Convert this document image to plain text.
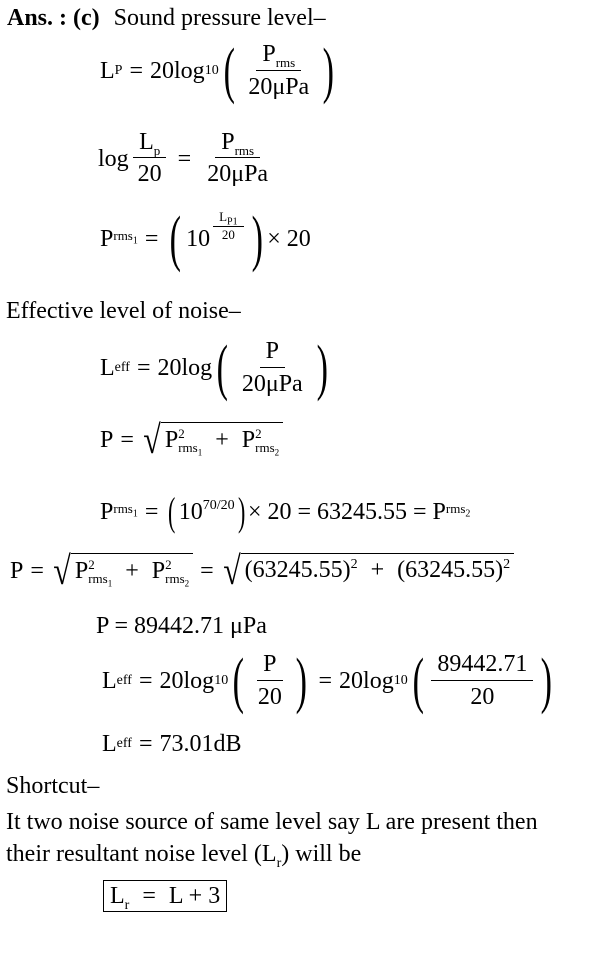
Ans. : (c) Sound pressure level–
L P = 20log 10 ( $\frac{P_{rms}}{\text{20μPa}}$ )
$\log \frac{L_p}{20} = \frac{P_{rms}}{\text{20μPa}}$
P rms$_1$ = ( $10 \frac{L_{P1}}{20}$ ) × 20
Effective level of noise–
L eff = 20log ( $\frac{P}{\text{20μPa}}$ )
P = √ P 2
rms$_1$
+ P 2
rms$_2$
P rms$_1$ = ( $10^{70/20}$ ) × 20 = 63245.55 = P rms$_2$
P = √ P 2
rms$_1$
+ P 2
rms$_2$ = √ $(63245.55)^2 + (63245.55)^2$
P = 89442.71 μPa
L eff = 20log 10 ( $\frac{P}{20}$ ) = 20log 10 ( $\frac{89442.71}{20}$ )
L eff = 73.01dB
Shortcut–
It two noise source of same level say L are present then
their resultant noise level $(L_r)$ will be
$L_r = L + 3$
